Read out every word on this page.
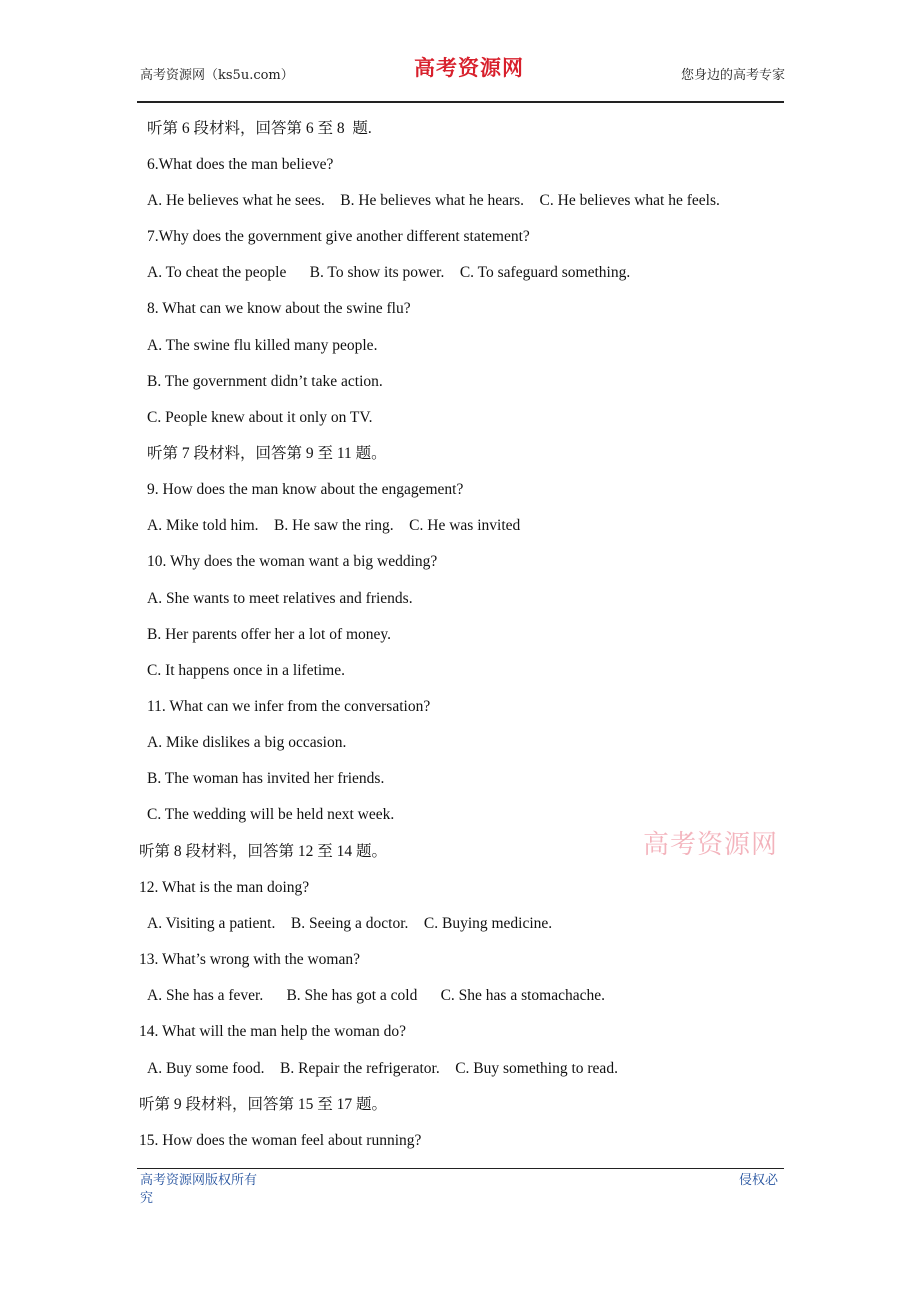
高考资源网（ks5u.com）	高考资源网	您身边的高考专家
听第 6 段材料，回答第 6 至 8  题.
6.What does the man believe?
A. He believes what he sees.    B. He believes what he hears.    C. He believes what he feels.
7.Why does the government give another different statement?
A. To cheat the people      B. To show its power.    C. To safeguard something.
8. What can we know about the swine flu?
A. The swine flu killed many people.
B. The government didn’t take action.
C. People knew about it only on TV.
听第 7 段材料，回答第 9 至 11 题。
9. How does the man know about the engagement?
A. Mike told him.    B. He saw the ring.    C. He was invited
10. Why does the woman want a big wedding?
A. She wants to meet relatives and friends.
B. Her parents offer her a lot of money.
C. It happens once in a lifetime.
11. What can we infer from the conversation?
A. Mike dislikes a big occasion.
B. The woman has invited her friends.
C. The wedding will be held next week.
听第 8 段材料，回答第 12 至 14 题。
12. What is the man doing?
A. Visiting a patient.    B. Seeing a doctor.    C. Buying medicine.
13. What’s wrong with the woman?
A. She has a fever.      B. She has got a cold      C. She has a stomachache.
14. What will the man help the woman do?
A. Buy some food.    B. Repair the refrigerator.    C. Buy something to read.
听第 9 段材料，回答第 15 至 17 题。
15. How does the woman feel about running?
高考资源网
高考资源网版权所有
究
侵权必
